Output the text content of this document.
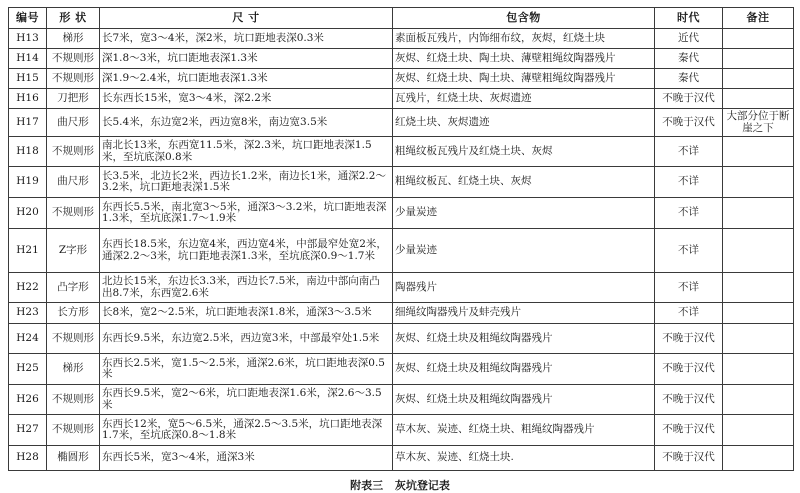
编号	形 状	尺 寸	包含物	时代	备注
H13	梯形	长7米，宽3～4米，深2米，坑口距地表深0.3米	素面板瓦残片，内饰细布纹，灰烬，红烧土块	近代	
H14	不规则形	深1.8～3米，坑口距地表深1.3米	灰烬、红烧土块、陶土块、薄壁粗绳纹陶器残片	秦代	
H15	不规则形	深1.9～2.4米，坑口距地表深1.3米	灰烬、红烧土块、陶土块、薄壁粗绳纹陶器残片	秦代	
H16	刀把形	长东西长15米，宽3～4米，深2.2米	瓦残片，红烧土块、灰烬遗迹	不晚于汉代	
H17	曲尺形	长5.4米，东边宽2米，西边宽8米，南边宽3.5米	红烧土块、灰烬遗迹	不晚于汉代	大部分位于断崖之下
H18	不规则形	南北长13米，东西宽11.5米，深2.3米，坑口距地表深1.5米，至坑底深0.8米	粗绳纹板瓦残片及红烧土块、灰烬	不详	
H19	曲尺形	长3.5米，北边长2米，西边长1.2米，南边长1米，通深2.2～3.2米，坑口距地表深1.5米	粗绳纹板瓦、红烧土块、灰烬	不详	
H20	不规则形	东西长5.5米，南北宽3～5米，通深3～3.2米，坑口距地表深1.3米，至坑底深1.7～1.9米	少量炭迹	不详	
H21	Z字形	东西长18.5米，东边宽4米，西边宽4米，中部最窄处宽2米，通深2.2～3米，坑口距地表深1.3米，至坑底深0.9～1.7米	少量炭迹	不详	
H22	凸字形	北边长15米，东边长3.3米，西边长7.5米，南边中部向南凸出8.7米，东西宽2.6米	陶器残片	不详	
H23	长方形	长8米，宽2～2.5米，坑口距地表深1.8米，通深3～3.5米	细绳纹陶器残片及蚌壳残片	不详	
H24	不规则形	东西长9.5米，东边宽2.5米，西边宽3米，中部最窄处1.5米	灰烬、红烧土块及粗绳纹陶器残片	不晚于汉代	
H25	梯形	东西长2.5米，宽1.5～2.5米，通深2.6米，坑口距地表深0.5米	灰烬、红烧土块及粗绳纹陶器残片	不晚于汉代	
H26	不规则形	东西长9.5米，宽2～6米，坑口距地表深1.6米，深2.6～3.5米	灰烬、红烧土块及粗绳纹陶器残片	不晚于汉代	
H27	不规则形	东西长12米，宽5～6.5米，通深2.5～3.5米，坑口距地表深1.7米，至坑底深0.8～1.8米	草木灰、炭迹、红烧土块、粗绳纹陶器残片	不晚于汉代	
H28	椭圆形	东西长5米，宽3～4米，通深3米	草木灰、炭迹、红烧土块.	不晚于汉代	
附表三 灰坑登记表
